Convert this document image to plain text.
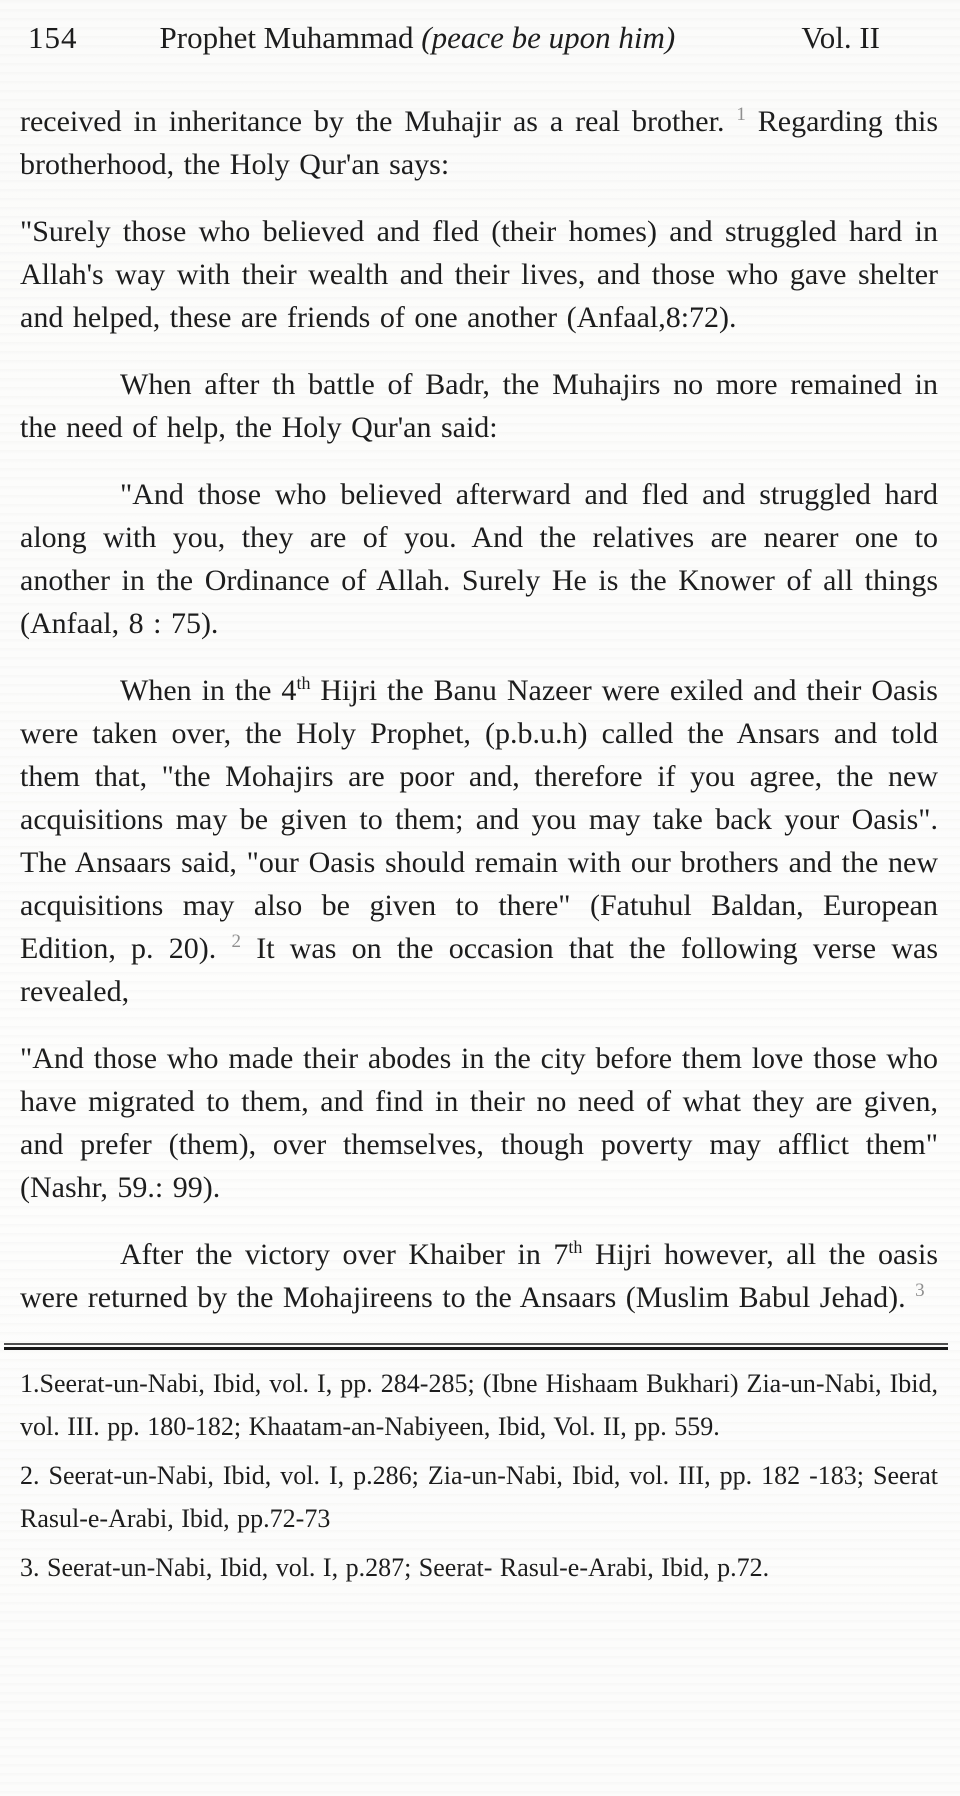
154	Prophet Muhammad (peace be upon him)	Vol. II

received in inheritance by the Muhajir as a real brother. $^1$ Regarding this brotherhood, the Holy Qur'an says:

"Surely those who believed and fled (their homes) and struggled hard in Allah's way with their wealth and their lives, and those who gave shelter and helped, these are friends of one another (Anfaal,8:72).

When after th battle of Badr, the Muhajirs no more remained in the need of help, the Holy Qur'an said:

"And those who believed afterward and fled and struggled hard along with you, they are of you. And the relatives are nearer one to another in the Ordinance of Allah. Surely He is the Knower of all things (Anfaal, 8 : 75).

When in the 4th Hijri the Banu Nazeer were exiled and their Oasis were taken over, the Holy Prophet, (p.b.u.h) called the Ansars and told them that, "the Mohajirs are poor and, therefore if you agree, the new acquisitions may be given to them; and you may take back your Oasis". The Ansaars said, "our Oasis should remain with our brothers and the new acquisitions may also be given to there" (Fatuhul Baldan, European Edition, p. 20). $^2$ It was on the occasion that the following verse was revealed,

"And those who made their abodes in the city before them love those who have migrated to them, and find in their no need of what they are given, and prefer (them), over themselves, though poverty may afflict them"(Nashr, 59.: 99).

After the victory over Khaiber in 7th Hijri however, all the oasis were returned by the Mohajireens to the Ansaars (Muslim Babul Jehad). $^3$

1.Seerat-un-Nabi, Ibid, vol. I, pp. 284-285; (Ibne Hishaam Bukhari) Zia-un-Nabi, Ibid, vol. III. pp. 180-182; Khaatam-an-Nabiyeen, Ibid, Vol. II, pp. 559.

2. Seerat-un-Nabi, Ibid, vol. I, p.286; Zia-un-Nabi, Ibid, vol. III, pp. 182 -183; Seerat Rasul-e-Arabi, Ibid, pp.72-73

3. Seerat-un-Nabi, Ibid, vol. I, p.287; Seerat- Rasul-e-Arabi, Ibid, p.72.
